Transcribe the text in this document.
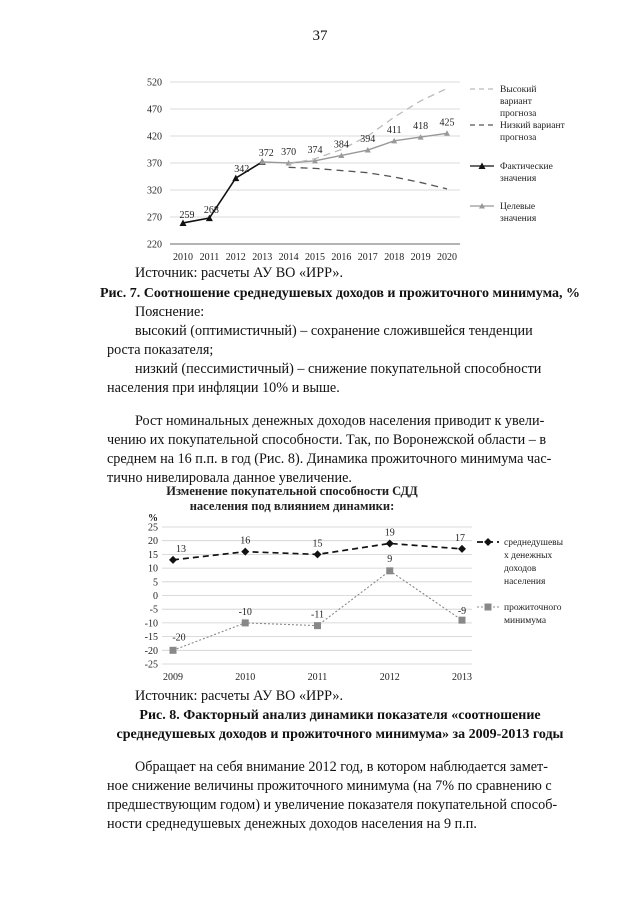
37
220
270
320
370
420
470
520
2010 2011 2012 2013 2014 2015 2016 2017 2018 2019 2020
259 268
342
372 370 374 384 394
411 418 425
Высокий
вариант
прогноза
Низкий вариант
прогноза
Фактические
значения
Целевые
значения
Источник: расчеты АУ ВО «ИРР».
Рис. 7. Соотношение среднедушевых доходов и прожиточного минимума, %
Пояснение:
высокий (оптимистичный) – сохранение сложившейся тенденции
роста показателя;
низкий (пессимистичный) – снижение покупательной способности
населения при инфляции 10% и выше.
Рост номинальных денежных доходов населения приводит к увели-
чению их покупательной способности. Так, по Воронежской области – в
среднем на 16 п.п. в год (Рис. 8). Динамика прожиточного минимума час-
тично нивелировала данное увеличение.
Изменение покупательной способности СДД
населения под влиянием динамики:
%
-25
-20
-15
-10
-5
0
5
10
15
20
25
2009	2010	2011	2012	2013
13
16	15
19	17
-20
-10	-11
9
-9
среднедушевы
х денежных
доходов
населения
прожиточного
минимума
Источник: расчеты АУ ВО «ИРР».
Рис. 8. Факторный анализ динамики показателя «соотношение
среднедушевых доходов и прожиточного минимума» за 2009-2013 годы
Обращает на себя внимание 2012 год, в котором наблюдается замет-
ное снижение величины прожиточного минимума (на 7% по сравнению с
предшествующим годом) и увеличение показателя покупательной способ-
ности среднедушевых денежных доходов населения на 9 п.п.
